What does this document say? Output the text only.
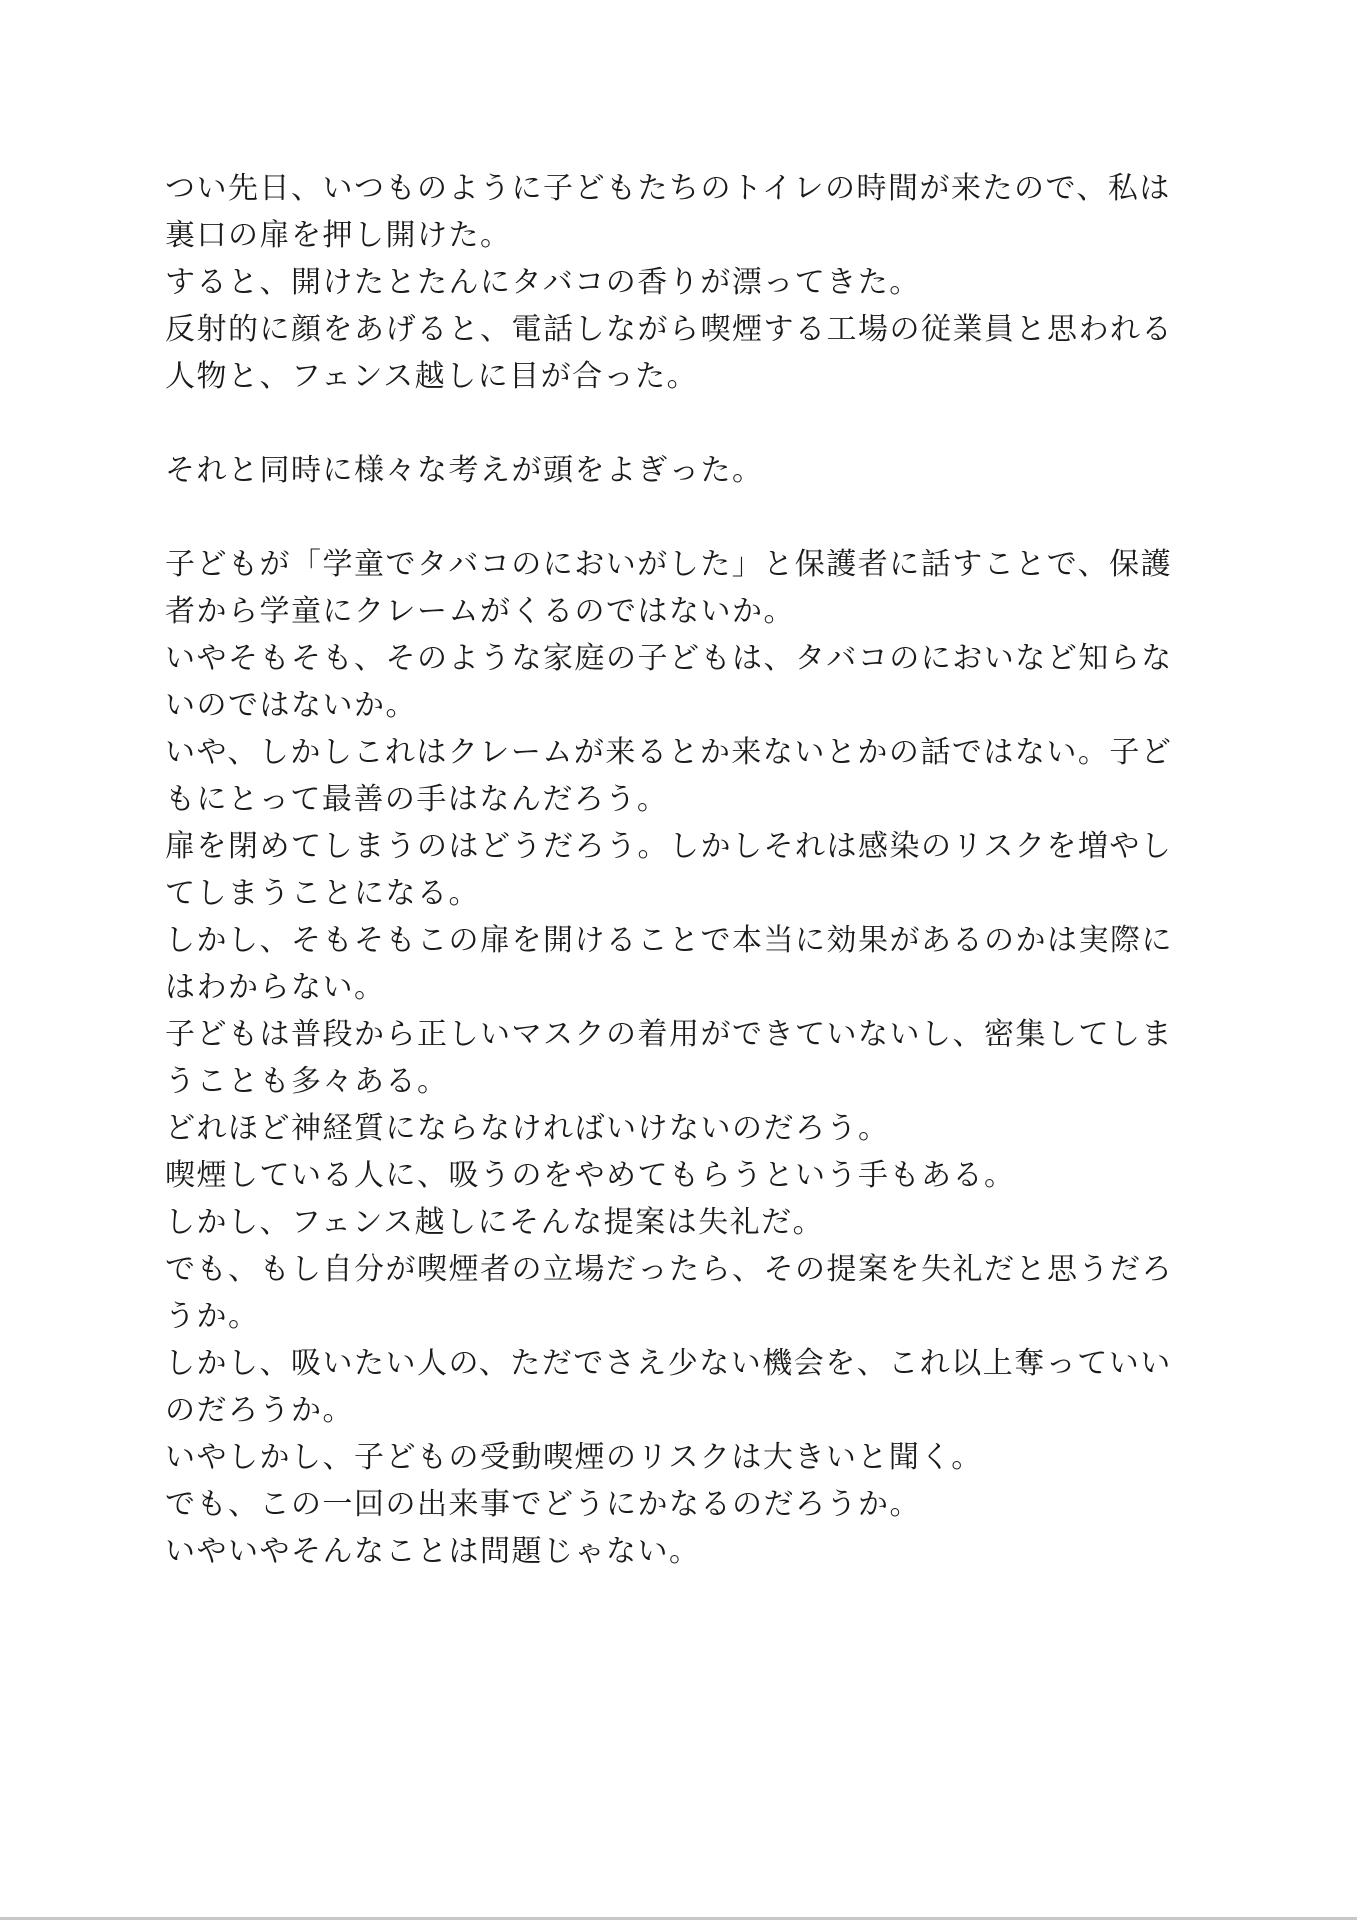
つい先日、いつものように子どもたちのトイレの時間が来たので、私は
裏口の扉を押し開けた。
すると、開けたとたんにタバコの香りが漂ってきた。
反射的に顔をあげると、電話しながら喫煙する工場の従業員と思われる
人物と、フェンス越しに目が合った。
それと同時に様々な考えが頭をよぎった。
子どもが「学童でタバコのにおいがした」と保護者に話すことで、保護
者から学童にクレームがくるのではないか。
いやそもそも、そのような家庭の子どもは、タバコのにおいなど知らな
いのではないか。
いや、しかしこれはクレームが来るとか来ないとかの話ではない。子ど
もにとって最善の手はなんだろう。
扉を閉めてしまうのはどうだろう。しかしそれは感染のリスクを増やし
てしまうことになる。
しかし、そもそもこの扉を開けることで本当に効果があるのかは実際に
はわからない。
子どもは普段から正しいマスクの着用ができていないし、密集してしま
うことも多々ある。
どれほど神経質にならなければいけないのだろう。
喫煙している人に、吸うのをやめてもらうという手もある。
しかし、フェンス越しにそんな提案は失礼だ。
でも、もし自分が喫煙者の立場だったら、その提案を失礼だと思うだろ
うか。
しかし、吸いたい人の、ただでさえ少ない機会を、これ以上奪っていい
のだろうか。
いやしかし、子どもの受動喫煙のリスクは大きいと聞く。
でも、この一回の出来事でどうにかなるのだろうか。
いやいやそんなことは問題じゃない。
